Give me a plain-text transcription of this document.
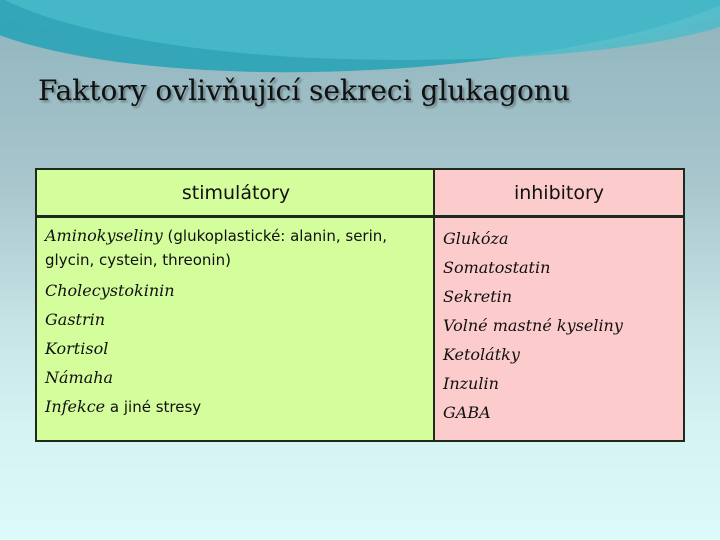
Faktory ovlivňující sekreci glukagonu
stimulátory	inhibitory
Aminokyseliny (glukoplastické: alanin, serin, glycin, cystein, threonin)
Cholecystokinin
Gastrin
Kortisol
Námaha
Infekce a jiné stresy
Glukóza
Somatostatin
Sekretin
Volné mastné kyseliny
Ketolátky
Inzulin
GABA
